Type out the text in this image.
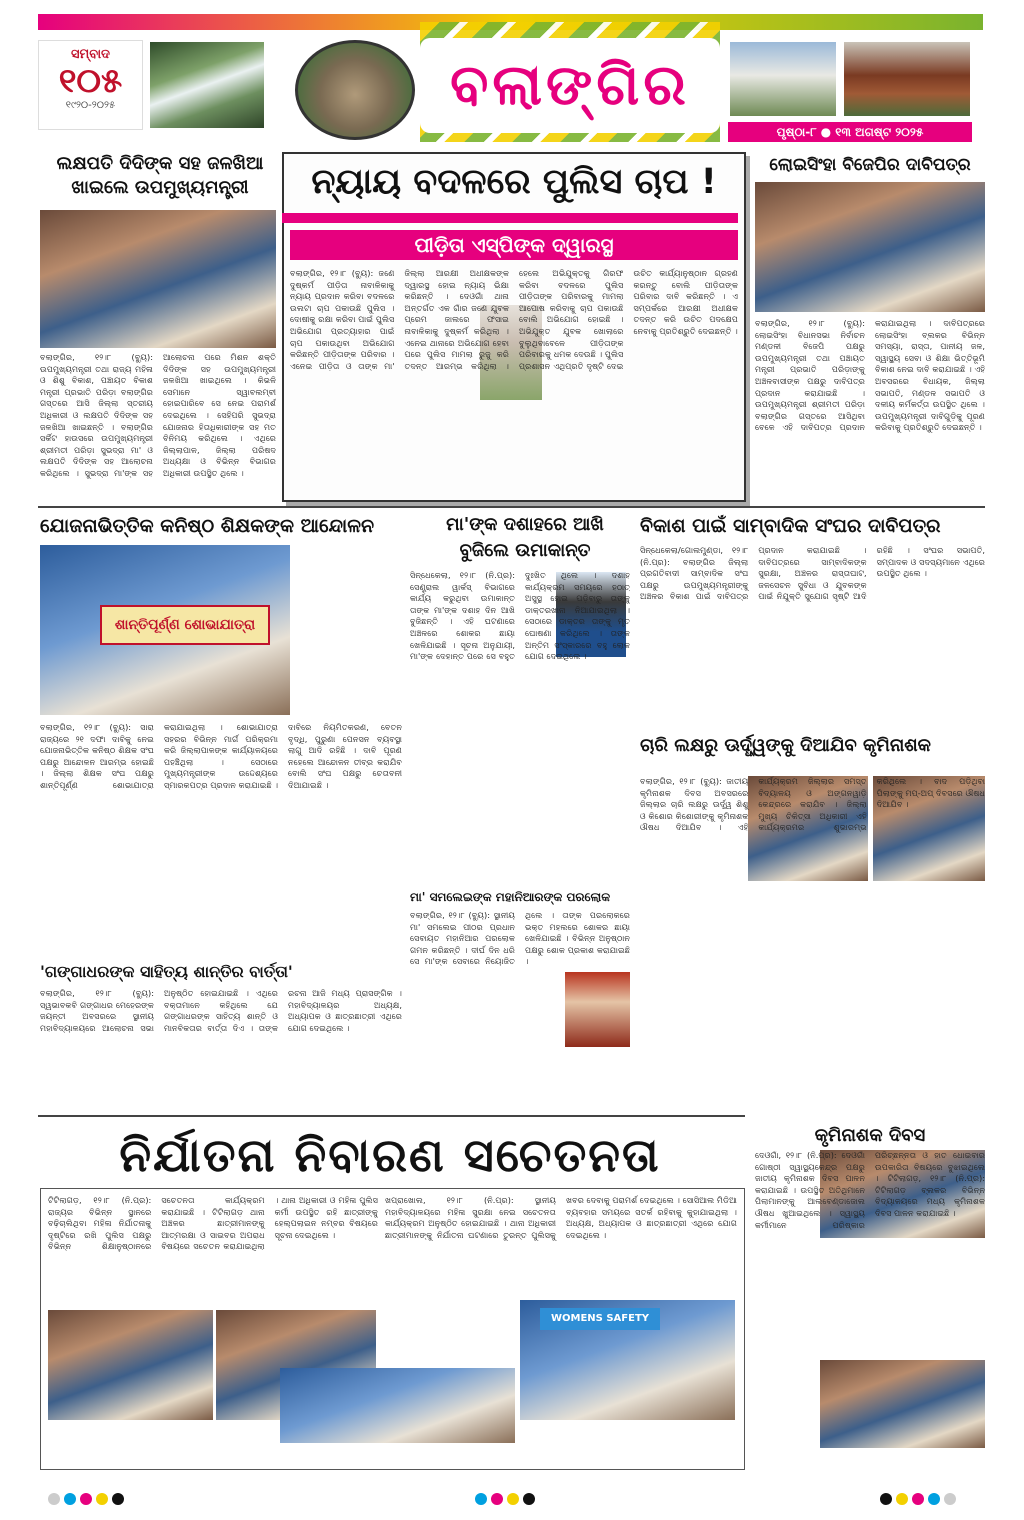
ସମ୍ବାଦ
୧୦୫
୧୯୨୦-୨୦୨୫	ବଲାଙ୍ଗିର
ପୃଷ୍ଠା-୮ ● ୧୩ ଅଗଷ୍ଟ ୨୦୨୫
ଲକ୍ଷପତି ଦିଦିଙ୍କ ସହ ଜଳଖିଆ
ଖାଇଲେ ଉପମୁଖ୍ୟମନ୍ତ୍ରୀ
ବଲାଙ୍ଗିର, ୧୨।୮ (ବ୍ୟୁ): ଉପମୁଖ୍ୟମନ୍ତ୍ରୀ ତଥା ରାଜ୍ୟ ମହିଳା ଓ ଶିଶୁ ବିକାଶ, ପଞ୍ଚାୟତ ବିକାଶ ମନ୍ତ୍ରୀ ପ୍ରଭାତି ପରିଡ଼ା ବଲାଙ୍ଗିର ଗସ୍ତରେ ଆସି ଜିଲ୍ଲା ସ୍ତରୀୟ ଅଧିକାରୀ ଓ ଲକ୍ଷପତି ଦିଦିଙ୍କ ସହ ଜଳଖିଆ ଖାଇଛନ୍ତି । ବଲାଙ୍ଗିର ସର୍କିଟ ହାଉସରେ ଉପମୁଖ୍ୟମନ୍ତ୍ରୀ ଶ୍ରୀମତୀ ପରିଡ଼ା ସୁଭଦ୍ରା ମା' ଓ ଲକ୍ଷପତି ଦିଦିଙ୍କ ସହ ଆଲୋଚନା କରିଥିଲେ । ସୁଭଦ୍ରା ମା'ଙ୍କ ସହ ଆଲୋଚନା ପରେ ମିଶନ ଶକ୍ତି ଦିଦିଙ୍କ ସହ ଉପମୁଖ୍ୟମନ୍ତ୍ରୀ ଜଳଖିଆ ଖାଇଥିଲେ । କିଭଳି ସେମାନେ ସ୍ୱାବଲମ୍ବୀ ହୋଇପାରିବେ ସେ ନେଇ ପରାମର୍ଶ ଦେଇଥିଲେ । ସେହିପରି ସୁଭଦ୍ରା ଯୋଜନାର ହିତାଧିକାରୀଙ୍କ ସହ ମତ ବିନିମୟ କରିଥିଲେ । ଏଥିରେ ଜିଲ୍ଲାପାଳ, ଜିଲ୍ଲା ପରିଷଦ ଅଧ୍ୟକ୍ଷା ଓ ବିଭିନ୍ନ ବିଭାଗର ଅଧିକାରୀ ଉପସ୍ଥିତ ଥିଲେ ।
ନ୍ୟାୟ ବଦଳରେ ପୁଲିସ ଚାପ !
ପୀଡ଼ିତା ଏସ୍‌ପିଙ୍କ ଦ୍ୱାରସ୍ଥ
ବଲାଙ୍ଗିର, ୧୨।୮ (ବ୍ୟୁ): ଜଣେ ଦୁଷ୍କର୍ମ ପୀଡ଼ିତା ନାବାଳିକାକୁ ନ୍ୟାୟ ପ୍ରଦାନ କରିବା ବଦଳରେ ଉଲଟା ଚାପ ପକାଉଛି ପୁଲିସ । ଦୋଷୀକୁ ରକ୍ଷା କରିବା ପାଇଁ ପୁଲିସ ଅଭିଯୋଗ ପ୍ରତ୍ୟାହାର ପାଇଁ ଚାପ ପକାଉଥିବା ଅଭିଯୋଗ କରିଛନ୍ତି ପୀଡ଼ିତାଙ୍କ ପରିବାର । ଏନେଇ ପୀଡ଼ିତା ଓ ତାଙ୍କ ମା' ଜିଲ୍ଲା ଆରକ୍ଷୀ ଅଧୀକ୍ଷକଙ୍କ ଦ୍ୱାରସ୍ଥ ହୋଇ ନ୍ୟାୟ ଭିକ୍ଷା କରିଛନ୍ତି । ଦେଓଗାଁ ଥାନା ଅନ୍ତର୍ଗତ ଏକ ଗାଁର ଜଣେ ଯୁବକ ପ୍ରେମ ଜାଲରେ ଫସାଇ ନାବାଳିକାକୁ ଦୁଷ୍କର୍ମ କରିଥିଲା । ଏନେଇ ଥାନାରେ ଅଭିଯୋଗ ହେବା ପରେ ପୁଲିସ ମାମଲା ରୁଜୁ କରି ତଦନ୍ତ ଆରମ୍ଭ କରିଥିଲା । ହେଲେ ଅଭିଯୁକ୍ତକୁ ଗିରଫ କରିବା ବଦଳରେ ପୁଲିସ ପୀଡ଼ିତାଙ୍କ ପରିବାରକୁ ମାମଲା ଆପୋଷ କରିବାକୁ ଚାପ ପକାଉଛି ବୋଲି ଅଭିଯୋଗ ହୋଇଛି । ଅଭିଯୁକ୍ତ ଯୁବକ ଖୋଲାରେ ବୁଲୁଥିବାବେଳେ ପୀଡ଼ିତାଙ୍କ ପରିବାରକୁ ଧମକ ଦେଉଛି । ପୁଲିସ ପ୍ରଶାସନ ଏଥିପ୍ରତି ଦୃଷ୍ଟି ଦେଇ ଉଚିତ କାର୍ଯ୍ୟାନୁଷ୍ଠାନ ଗ୍ରହଣ କରନ୍ତୁ ବୋଲି ପୀଡ଼ିତାଙ୍କ ପରିବାର ଦାବି କରିଛନ୍ତି । ଏ ସମ୍ପର୍କରେ ଆରକ୍ଷୀ ଅଧୀକ୍ଷକ ତଦନ୍ତ କରି ଉଚିତ ପଦକ୍ଷେପ ନେବାକୁ ପ୍ରତିଶ୍ରୁତି ଦେଇଛନ୍ତି ।
ଲୋଇସିଂହା ବିଜେପିର ଦାବିପତ୍ର
ବଲାଙ୍ଗିର, ୧୨।୮ (ବ୍ୟୁ): ଲୋଇସିଂହା ବିଧାନସଭା ନିର୍ବାଚନ ମଣ୍ଡଳୀ ବିଜେପି ପକ୍ଷରୁ ଉପମୁଖ୍ୟମନ୍ତ୍ରୀ ତଥା ପଞ୍ଚାୟତ ମନ୍ତ୍ରୀ ପ୍ରଭାତି ପରିଡ଼ାଙ୍କୁ ଅଞ୍ଚଳବାସୀଙ୍କ ପକ୍ଷରୁ ଦାବିପତ୍ର ପ୍ରଦାନ କରାଯାଇଛି । ଉପମୁଖ୍ୟମନ୍ତ୍ରୀ ଶ୍ରୀମତୀ ପରିଡ଼ା ବଲାଙ୍ଗିର ଗସ୍ତରେ ଆସିଥିବା ବେଳେ ଏହି ଦାବିପତ୍ର ପ୍ରଦାନ କରାଯାଇଥିଲା । ଦାବିପତ୍ରରେ ଲୋଇସିଂହା ବ୍ଲକର ବିଭିନ୍ନ ସମସ୍ୟା, ରାସ୍ତା, ପାନୀୟ ଜଳ, ସ୍ୱାସ୍ଥ୍ୟ ସେବା ଓ ଶିକ୍ଷା ଭିତ୍ତିଭୂମି ବିକାଶ ନେଇ ଦାବି କରାଯାଇଛି । ଏହି ଅବସରରେ ବିଧାୟକ, ଜିଲ୍ଲା ସଭାପତି, ମଣ୍ଡଳ ସଭାପତି ଓ ଦଳୀୟ କର୍ମକର୍ତ୍ତା ଉପସ୍ଥିତ ଥିଲେ । ଉପମୁଖ୍ୟମନ୍ତ୍ରୀ ଦାବିଗୁଡ଼ିକୁ ପୂରଣ କରିବାକୁ ପ୍ରତିଶ୍ରୁତି ଦେଇଛନ୍ତି ।
ଯୋଜନାଭିତ୍ତିକ କନିଷ୍ଠ ଶିକ୍ଷକଙ୍କ ଆନ୍ଦୋଳନ
ଶାନ୍ତିପୂର୍ଣ୍ଣ ଶୋଭାଯାତ୍ରା
ବଲାଙ୍ଗିର, ୧୨।୮ (ବ୍ୟୁ): ସାରା ରାଜ୍ୟରେ ୨୧ ଦଫା ଦାବିକୁ ନେଇ ଯୋଜନାଭିତ୍ତିକ କନିଷ୍ଠ ଶିକ୍ଷକ ସଂଘ ପକ୍ଷରୁ ଆନ୍ଦୋଳନ ଆରମ୍ଭ ହୋଇଛି । ଜିଲ୍ଲା ଶିକ୍ଷକ ସଂଘ ପକ୍ଷରୁ ଶାନ୍ତିପୂର୍ଣ୍ଣ ଶୋଭାଯାତ୍ରା କରାଯାଇଥିଲା । ଶୋଭାଯାତ୍ରା ସହରର ବିଭିନ୍ନ ମାର୍ଗ ପରିକ୍ରମା କରି ଜିଲ୍ଲାପାଳଙ୍କ କାର୍ଯ୍ୟାଳୟରେ ପହଞ୍ଚିଥିଲା । ସେଠାରେ ମୁଖ୍ୟମନ୍ତ୍ରୀଙ୍କ ଉଦ୍ଦେଶ୍ୟରେ ସ୍ମାରକପତ୍ର ପ୍ରଦାନ କରାଯାଇଛି । ଦାବିରେ ନିୟମିତକରଣ, ବେତନ ବୃଦ୍ଧି, ପୁରୁଣା ପେନସନ ବ୍ୟବସ୍ଥା ଲାଗୁ ଆଦି ରହିଛି । ଦାବି ପୂରଣ ନହେଲେ ଆନ୍ଦୋଳନ ତୀବ୍ର କରାଯିବ ବୋଲି ସଂଘ ପକ୍ଷରୁ ଚେତାବନୀ ଦିଆଯାଇଛି ।
ମା'ଙ୍କ ଦଶାହରେ ଆଖି
ବୁଜିଲେ ଉମାକାନ୍ତ
ସିନ୍ଧେକେଲା, ୧୨।୮ (ନି.ପ୍ର): ସେଣ୍ଟ୍ରାଲ ୱାର୍କସ୍ ବିଭାଗରେ କାର୍ଯ୍ୟ କରୁଥିବା ଉମାକାନ୍ତ ତାଙ୍କ ମା'ଙ୍କ ଦଶାହ ଦିନ ଆଖି ବୁଜିଛନ୍ତି । ଏହି ଘଟଣାରେ ଅଞ୍ଚଳରେ ଶୋକର ଛାୟା ଖେଳିଯାଇଛି । ସୂଚନା ଅନୁଯାୟୀ, ମା'ଙ୍କ ଦେହାନ୍ତ ପରେ ସେ ବହୁତ ଦୁଃଖିତ ଥିଲେ । ଦଶାହ କାର୍ଯ୍ୟକ୍ରମ ସମୟରେ ହଠାତ୍ ଅସୁସ୍ଥ ହୋଇ ପଡ଼ିବାରୁ ତାଙ୍କୁ ଡାକ୍ତରଖାନା ନିଆଯାଇଥିଲା । ସେଠାରେ ଡାକ୍ତର ତାଙ୍କୁ ମୃତ ଘୋଷଣା କରିଥିଲେ । ତାଙ୍କ ଅନ୍ତିମ ସଂସ୍କାରରେ ବହୁ ଲୋକ ଯୋଗ ଦେଇଥିଲେ ।
ମା' ସମଲେଇଙ୍କ ମହାନିଆରଙ୍କ ପରଲୋକ
ବଲାଙ୍ଗିର, ୧୨।୮ (ବ୍ୟୁ): ସ୍ଥାନୀୟ ମା' ସମଲେଇ ପୀଠର ପ୍ରଧାନ ସେବାୟତ ମହାନିଆର ପରଲୋକ ଗମନ କରିଛନ୍ତି । ଦୀର୍ଘ ଦିନ ଧରି ସେ ମା'ଙ୍କ ସେବାରେ ନିୟୋଜିତ ଥିଲେ । ତାଙ୍କ ପରଲୋକରେ ଭକ୍ତ ମହଲରେ ଶୋକର ଛାୟା ଖେଳିଯାଇଛି । ବିଭିନ୍ନ ଅନୁଷ୍ଠାନ ପକ୍ଷରୁ ଶୋକ ପ୍ରକାଶ କରାଯାଇଛି ।
ବିକାଶ ପାଇଁ ସାମ୍ବାଦିକ ସଂଘର ଦାବିପତ୍ର
ସିନ୍ଧେକେଲା/ଗୋଲମୁଣ୍ଡା, ୧୨।୮ (ନି.ପ୍ର): ବଲାଙ୍ଗିର ଜିଲ୍ଲା ପ୍ରଗତିବାଦୀ ସାମ୍ବାଦିକ ସଂଘ ପକ୍ଷରୁ ଉପମୁଖ୍ୟମନ୍ତ୍ରୀଙ୍କୁ ଅଞ୍ଚଳର ବିକାଶ ପାଇଁ ଦାବିପତ୍ର ପ୍ରଦାନ କରାଯାଇଛି । ଦାବିପତ୍ରରେ ସାମ୍ବାଦିକଙ୍କ ସୁରକ୍ଷା, ଅଞ୍ଚଳର ରାସ୍ତାଘାଟ, ଜଳସେଚନ ସୁବିଧା ଓ ଯୁବକଙ୍କ ପାଇଁ ନିଯୁକ୍ତି ସୁଯୋଗ ସୃଷ୍ଟି ଆଦି ରହିଛି । ସଂଘର ସଭାପତି, ସମ୍ପାଦକ ଓ ସଦସ୍ୟମାନେ ଏଥିରେ ଉପସ୍ଥିତ ଥିଲେ ।
ଚାରି ଲକ୍ଷରୁ ଊର୍ଦ୍ଧ୍ୱଙ୍କୁ ଦିଆଯିବ କୃମିନାଶକ
ବଲାଙ୍ଗିର, ୧୨।୮ (ବ୍ୟୁ): ଜାତୀୟ କୃମିନାଶକ ଦିବସ ଅବସରରେ ଜିଲ୍ଲାର ଚାରି ଲକ୍ଷରୁ ଊର୍ଦ୍ଧ୍ୱ ଶିଶୁ ଓ କିଶୋର କିଶୋରୀଙ୍କୁ କୃମିନାଶକ ଔଷଧ ଦିଆଯିବ । ଏହି କାର୍ଯ୍ୟକ୍ରମ ଜିଲ୍ଲାର ସମସ୍ତ ବିଦ୍ୟାଳୟ ଓ ଅଙ୍ଗନୱାଡ଼ି କେନ୍ଦ୍ରରେ କରାଯିବ । ଜିଲ୍ଲା ମୁଖ୍ୟ ଚିକିତ୍ସା ଅଧିକାରୀ ଏହି କାର୍ଯ୍ୟକ୍ରମର ଶୁଭାରମ୍ଭ କରିଥିଲେ । ବାଦ ପଡ଼ିଥିବା ପିଲାଙ୍କୁ ମପ୍-ଅପ୍ ଦିବସରେ ଔଷଧ ଦିଆଯିବ ।
'ଗଙ୍ଗାଧରଙ୍କ ସାହିତ୍ୟ ଶାନ୍ତିର ବାର୍ତ୍ତା'
ବଲାଙ୍ଗିର, ୧୨।୮ (ବ୍ୟୁ): ସ୍ୱଭାବକବି ଗଙ୍ଗାଧର ମେହେରଙ୍କ ଜୟନ୍ତୀ ଅବସରରେ ସ୍ଥାନୀୟ ମହାବିଦ୍ୟାଳୟରେ ଆଲୋଚନା ସଭା ଅନୁଷ୍ଠିତ ହୋଇଯାଇଛି । ଏଥିରେ ବକ୍ତାମାନେ କହିଥିଲେ ଯେ ଗଙ୍ଗାଧରଙ୍କ ସାହିତ୍ୟ ଶାନ୍ତି ଓ ମାନବିକତାର ବାର୍ତ୍ତା ଦିଏ । ତାଙ୍କ ରଚନା ଆଜି ମଧ୍ୟ ପ୍ରାସଙ୍ଗିକ । ମହାବିଦ୍ୟାଳୟର ଅଧ୍ୟକ୍ଷ, ଅଧ୍ୟାପକ ଓ ଛାତ୍ରଛାତ୍ରୀ ଏଥିରେ ଯୋଗ ଦେଇଥିଲେ ।
ନିର୍ଯାତନା ନିବାରଣ ସଚେତନତା
ଟିଟିଲାଗଡ଼, ୧୨।୮ (ନି.ପ୍ର): ରାଜ୍ୟର ବିଭିନ୍ନ ସ୍ଥାନରେ ବଢ଼ିଚାଲିଥିବା ମହିଳା ନିର୍ଯାତନାକୁ ଦୃଷ୍ଟିରେ ରଖି ପୁଲିସ ପକ୍ଷରୁ ବିଭିନ୍ନ ଶିକ୍ଷାନୁଷ୍ଠାନରେ ସଚେତନତା କାର୍ଯ୍ୟକ୍ରମ କରାଯାଇଛି । ଟିଟିଲାଗଡ଼ ଥାନା ଅଞ୍ଚଳର ଛାତ୍ରୀମାନଙ୍କୁ ଆତ୍ମରକ୍ଷା ଓ ସାଇବର ଅପରାଧ ବିଷୟରେ ସଚେତନ କରାଯାଇଥିଲା । ଥାନା ଅଧିକାରୀ ଓ ମହିଳା ପୁଲିସ କର୍ମୀ ଉପସ୍ଥିତ ରହି ଛାତ୍ରୀଙ୍କୁ ହେଲ୍ପଲାଇନ ନମ୍ବର ବିଷୟରେ ସୂଚନା ଦେଇଥିଲେ ।
ଖପ୍ରାଖୋଲ, ୧୨।୮ (ନି.ପ୍ର): ସ୍ଥାନୀୟ ମହାବିଦ୍ୟାଳୟରେ ମହିଳା ସୁରକ୍ଷା ନେଇ ସଚେତନତା କାର୍ଯ୍ୟକ୍ରମ ଅନୁଷ୍ଠିତ ହୋଇଯାଇଛି । ଥାନା ଅଧିକାରୀ ଛାତ୍ରୀମାନଙ୍କୁ ନିର୍ଯାତନା ଘଟଣାରେ ତୁରନ୍ତ ପୁଲିସକୁ ଖବର ଦେବାକୁ ପରାମର୍ଶ ଦେଇଥିଲେ । ସୋସିଆଲ ମିଡିଆ ବ୍ୟବହାର ସମୟରେ ସତର୍କ ରହିବାକୁ କୁହାଯାଇଥିଲା । ଅଧ୍ୟକ୍ଷ, ଅଧ୍ୟାପକ ଓ ଛାତ୍ରଛାତ୍ରୀ ଏଥିରେ ଯୋଗ ଦେଇଥିଲେ ।
WOMENS SAFETY
କୃମିନାଶକ ଦିବସ
ଦେଓଗାଁ, ୧୨।୮ (ନି.ପ୍ର): ଦେଓଗାଁ ଗୋଷ୍ଠୀ ସ୍ୱାସ୍ଥ୍ୟକେନ୍ଦ୍ର ପକ୍ଷରୁ ଜାତୀୟ କୃମିନାଶକ ଦିବସ ପାଳନ କରାଯାଇଛି । ଉପସ୍ଥିତ ଅତିଥିମାନେ ପିଲାମାନଙ୍କୁ ଆଲବେଣ୍ଡାଜୋଲ ଔଷଧ ଖୁଆଇଥିଲେ । ସ୍ୱାସ୍ଥ୍ୟ କର୍ମୀମାନେ ପରିଷ୍କାର ପରିଚ୍ଛନ୍ନତା ଓ ହାତ ଧୋଇବାର ଉପକାରିତା ବିଷୟରେ ବୁଝାଇଥିଲେ । ଟିଟିଲାଗଡ଼, ୧୨।୮ (ନି.ପ୍ର): ଟିଟିଲାଗଡ଼ ବ୍ଲକର ବିଭିନ୍ନ ବିଦ୍ୟାଳୟରେ ମଧ୍ୟ କୃମିନାଶକ ଦିବସ ପାଳନ କରାଯାଇଛି ।
